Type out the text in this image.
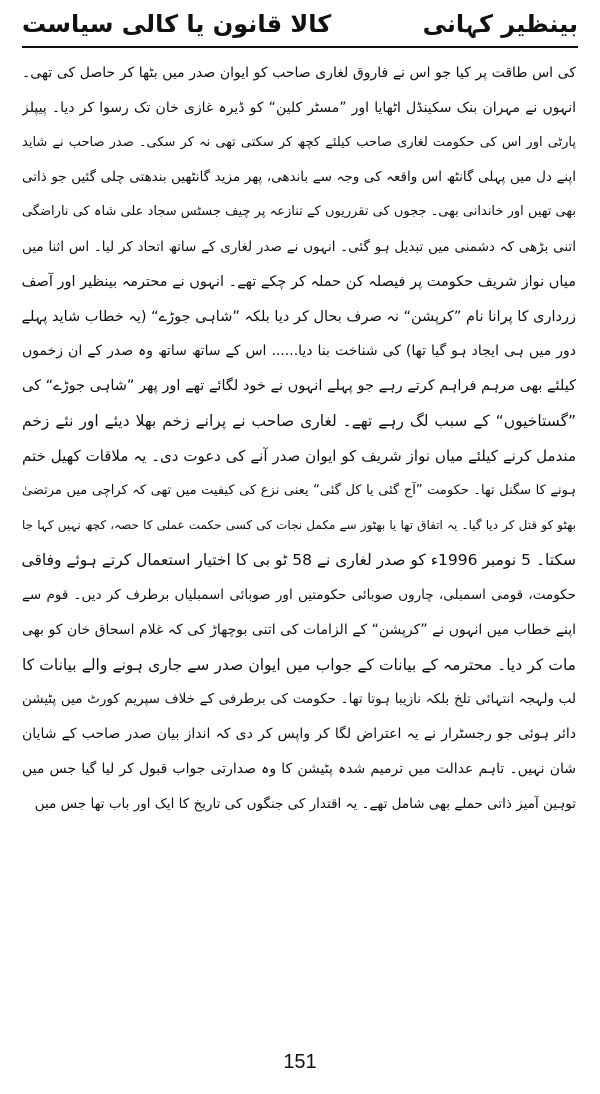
بینظیر کہانی
کالا قانون یا کالی سیاست
کی اس طاقت پر کیا جو اس نے فاروق لغاری صاحب کو ایوان صدر میں بٹھا کر حاصل کی تھی۔
انہوں نے مہران بنک سکینڈل اٹھایا اور ”مسٹر کلین“ کو ڈیرہ غازی خان تک رسوا کر دیا۔ پیپلز
پارٹی اور اس کی حکومت لغاری صاحب کیلئے کچھ کر سکتی تھی نہ کر سکی۔ صدر صاحب نے شاید
اپنے دل میں پہلی گانٹھ اس واقعہ کی وجہ سے باندھی، پھر مزید گانٹھیں بندھتی چلی گئیں جو ذاتی
بھی تھیں اور خاندانی بھی۔ ججوں کی تقرریوں کے تنازعہ پر چیف جسٹس سجاد علی شاہ کی ناراضگی
اتنی بڑھی کہ دشمنی میں تبدیل ہو گئی۔ انہوں نے صدر لغاری کے ساتھ اتحاد کر لیا۔ اس اثنا میں
میاں نواز شریف حکومت پر فیصلہ کن حملہ کر چکے تھے۔ انہوں نے محترمہ بینظیر اور آصف
زرداری کا پرانا نام ”کرپشن“ نہ صرف بحال کر دیا بلکہ ”شاہی جوڑے“ (یہ خطاب شاید پہلے
دور میں ہی ایجاد ہو گیا تھا) کی شناخت بنا دیا...... اس کے ساتھ ساتھ وہ صدر کے ان زخموں
کیلئے بھی مرہم فراہم کرتے رہے جو پہلے انہوں نے خود لگائے تھے اور پھر ”شاہی جوڑے“ کی
”گستاخیوں“ کے سبب لگ رہے تھے۔ لغاری صاحب نے پرانے زخم بھلا دیئے اور نئے زخم
مندمل کرنے کیلئے میاں نواز شریف کو ایوان صدر آنے کی دعوت دی۔ یہ ملاقات کھیل ختم
ہونے کا سگنل تھا۔ حکومت ”آج گئی یا کل گئی“ یعنی نزع کی کیفیت میں تھی کہ کراچی میں مرتضیٰ
بھٹو کو قتل کر دیا گیا۔ یہ اتفاق تھا یا بھٹوز سے مکمل نجات کی کسی حکمت عملی کا حصہ، کچھ نہیں کہا جا
سکتا۔ 5 نومبر 1996ء کو صدر لغاری نے 58 ٹو بی کا اختیار استعمال کرتے ہوئے وفاقی
حکومت، قومی اسمبلی، چاروں صوبائی حکومتیں اور صوبائی اسمبلیاں برطرف کر دیں۔ قوم سے
اپنے خطاب میں انہوں نے ”کرپشن“ کے الزامات کی اتنی بوچھاڑ کی کہ غلام اسحاق خان کو بھی
مات کر دیا۔ محترمہ کے بیانات کے جواب میں ایوان صدر سے جاری ہونے والے بیانات کا
لب ولہجہ انتہائی تلخ بلکہ نازیبا ہوتا تھا۔ حکومت کی برطرفی کے خلاف سپریم کورٹ میں پٹیشن
دائر ہوئی جو رجسٹرار نے یہ اعتراض لگا کر واپس کر دی کہ انداز بیان صدر صاحب کے شایان
شان نہیں۔ تاہم عدالت میں ترمیم شدہ پٹیشن کا وہ صدارتی جواب قبول کر لیا گیا جس میں
توہین آمیز ذاتی حملے بھی شامل تھے۔ یہ اقتدار کی جنگوں کی تاریخ کا ایک اور باب تھا جس میں
151
